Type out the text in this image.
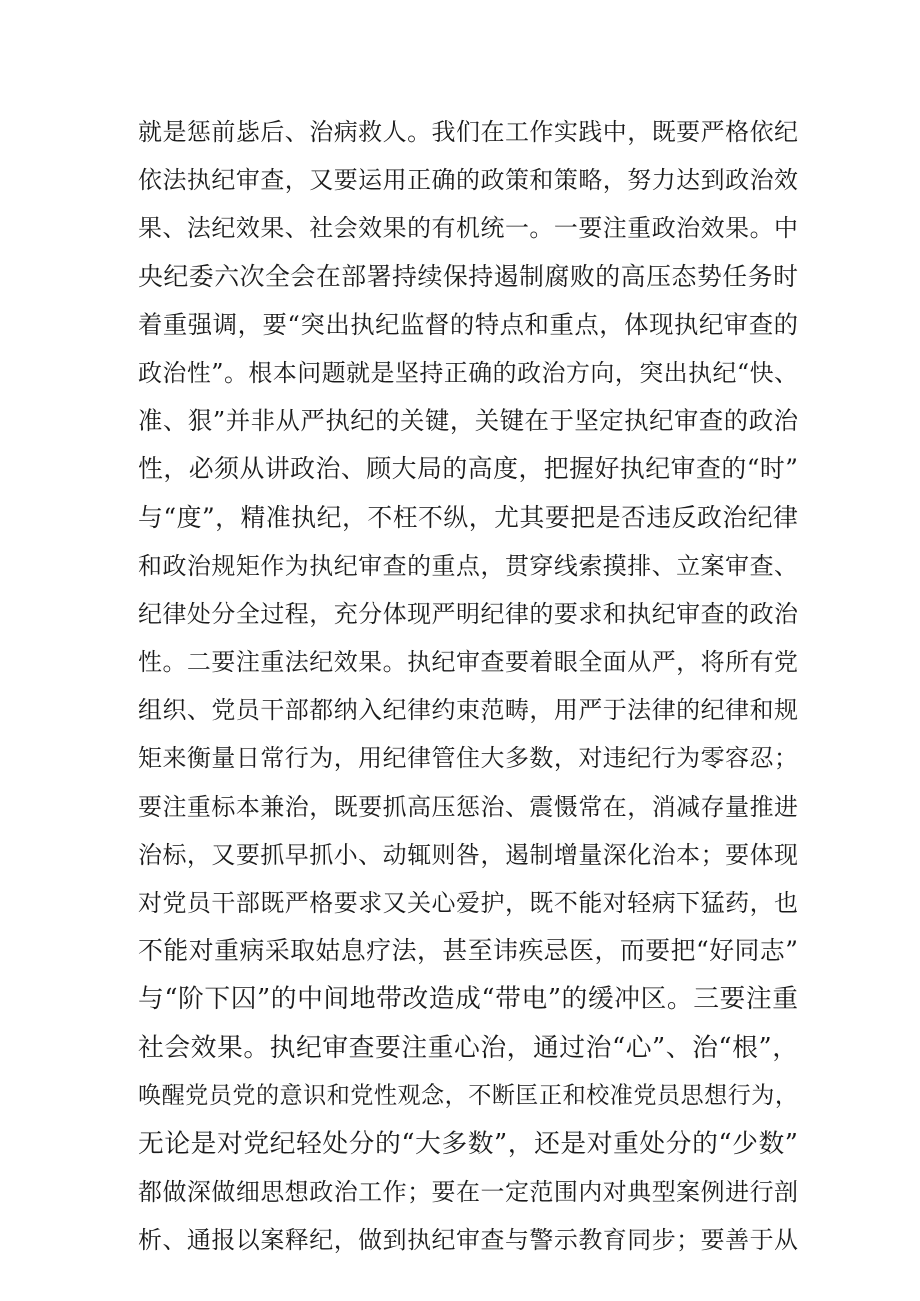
就是惩前毖后、治病救人。我们在工作实践中，既要严格依纪
依法执纪审查，又要运用正确的政策和策略，努力达到政治效
果、法纪效果、社会效果的有机统一。一要注重政治效果。中
央纪委六次全会在部署持续保持遏制腐败的高压态势任务时
着重强调，要“突出执纪监督的特点和重点，体现执纪审查的
政治性”。根本问题就是坚持正确的政治方向，突出执纪“快、
准、狠”并非从严执纪的关键，关键在于坚定执纪审查的政治
性，必须从讲政治、顾大局的高度，把握好执纪审查的“时”
与“度”，精准执纪，不枉不纵，尤其要把是否违反政治纪律
和政治规矩作为执纪审查的重点，贯穿线索摸排、立案审查、
纪律处分全过程，充分体现严明纪律的要求和执纪审查的政治
性。二要注重法纪效果。执纪审查要着眼全面从严，将所有党
组织、党员干部都纳入纪律约束范畴，用严于法律的纪律和规
矩来衡量日常行为，用纪律管住大多数，对违纪行为零容忍；
要注重标本兼治，既要抓高压惩治、震慑常在，消减存量推进
治标，又要抓早抓小、动辄则咎，遏制增量深化治本；要体现
对党员干部既严格要求又关心爱护，既不能对轻病下猛药，也
不能对重病采取姑息疗法，甚至讳疾忌医，而要把“好同志”
与“阶下囚”的中间地带改造成“带电”的缓冲区。三要注重
社会效果。执纪审查要注重心治，通过治“心”、治“根”，
唤醒党员党的意识和党性观念，不断匡正和校准党员思想行为，
无论是对党纪轻处分的“大多数”，还是对重处分的“少数”
都做深做细思想政治工作；要在一定范围内对典型案例进行剖
析、通报以案释纪，做到执纪审查与警示教育同步；要善于从
